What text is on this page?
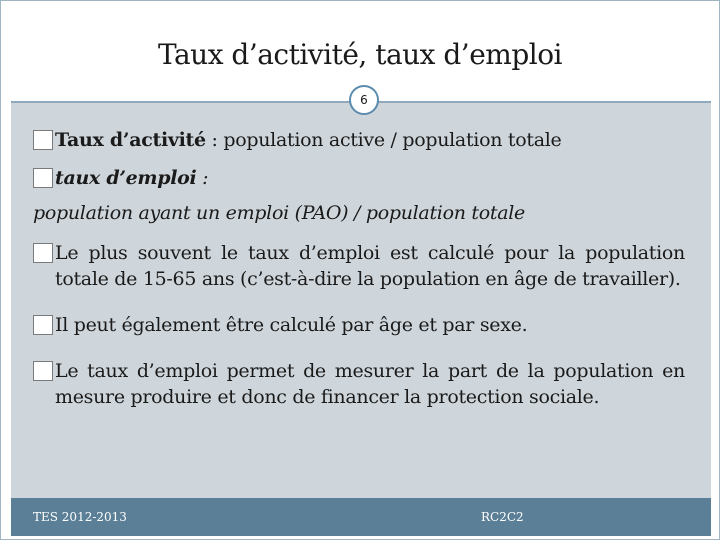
Taux d’activité, taux d’emploi
6
Taux d’activité : population active / population totale
taux d’emploi :
population ayant un emploi (PAO) / population totale
Le plus souvent le taux d’emploi est calculé pour la population totale de 15-65 ans (c’est-à-dire la population en âge de travailler).
Il peut également être calculé par âge et par sexe.
Le taux d’emploi permet de mesurer la part de la population en mesure produire et donc de financer la protection sociale.
TES 2012-2013	RC2C2
